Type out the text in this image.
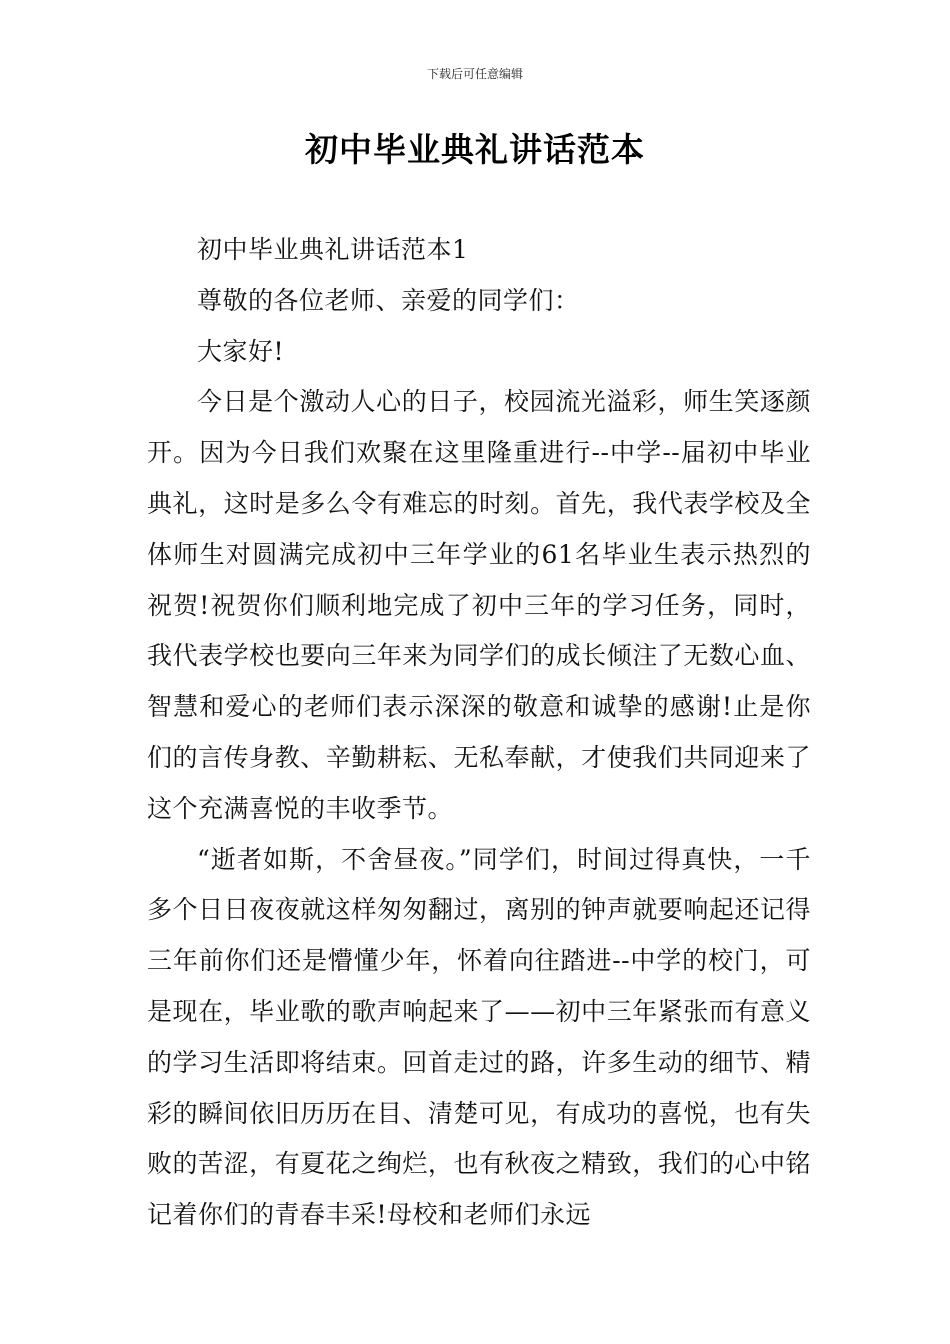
下载后可任意编辑
初中毕业典礼讲话范本

初中毕业典礼讲话范本1

尊敬的各位老师、亲爱的同学们：

大家好!

今日是个激动人心的日子，校园流光溢彩，师生笑逐颜开。因为今日我们欢聚在这里隆重进行--中学--届初中毕业典礼，这时是多么令有难忘的时刻。首先，我代表学校及全体师生对圆满完成初中三年学业的61名毕业生表示热烈的祝贺!祝贺你们顺利地完成了初中三年的学习任务，同时，我代表学校也要向三年来为同学们的成长倾注了无数心血、智慧和爱心的老师们表示深深的敬意和诚挚的感谢!止是你们的言传身教、辛勤耕耘、无私奉献，才使我们共同迎来了这个充满喜悦的丰收季节。

“逝者如斯，不舍昼夜。”同学们，时间过得真快，一千多个日日夜夜就这样匆匆翻过，离别的钟声就要响起还记得三年前你们还是懵懂少年，怀着向往踏进--中学的校门，可是现在，毕业歌的歌声响起来了——初中三年紧张而有意义的学习生活即将结束。回首走过的路，许多生动的细节、精彩的瞬间依旧历历在目、清楚可见，有成功的喜悦，也有失败的苦涩，有夏花之绚烂，也有秋夜之精致，我们的心中铭记着你们的青春丰采!母校和老师们永远
